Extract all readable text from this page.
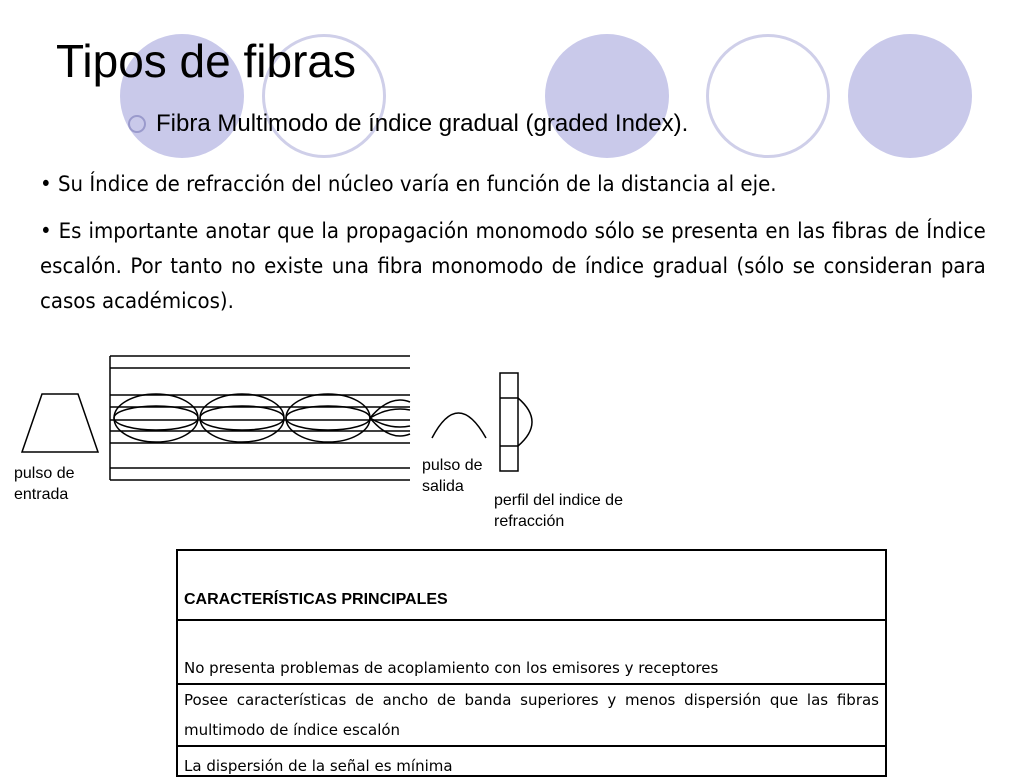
Tipos de fibras
Fibra Multimodo de índice gradual (graded Index).
• Su Índice de refracción del núcleo varía en función de la distancia al eje.
• Es importante anotar que la propagación monomodo sólo se presenta en las fibras de Índice escalón. Por tanto no existe una fibra monomodo de índice gradual (sólo se consideran para casos académicos).
pulso de
entrada
pulso de
salida
perfil del indice de
refracción
CARACTERÍSTICAS PRINCIPALES
No presenta problemas de acoplamiento con los emisores y receptores
Posee características de ancho de banda superiores y menos dispersión que las fibras multimodo de índice escalón
La dispersión de la señal es mínima
